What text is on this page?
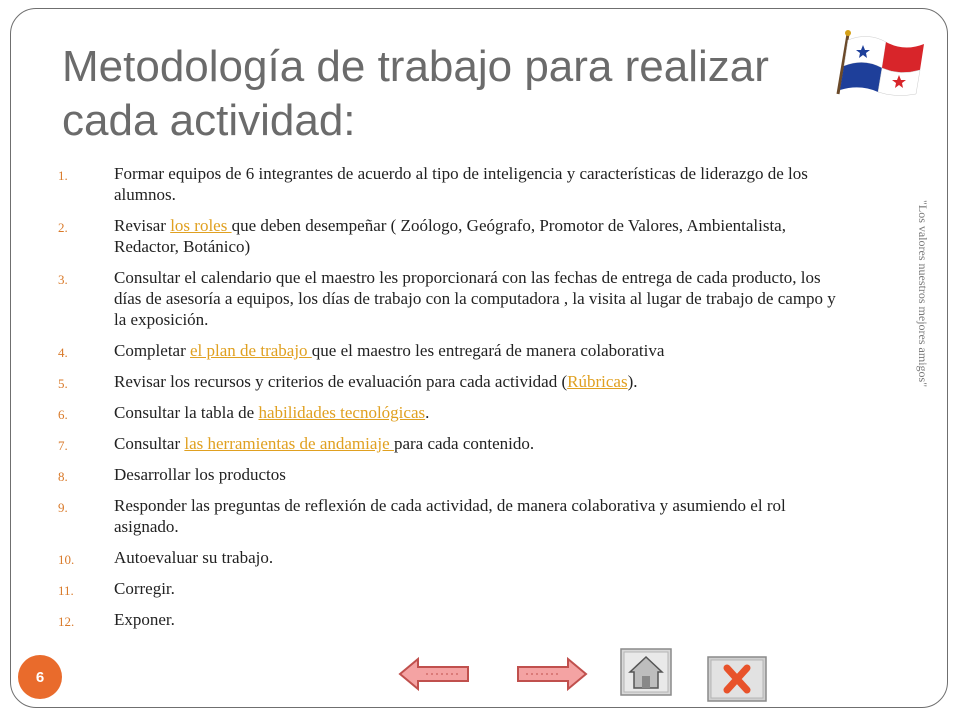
Metodología de trabajo para realizar cada actividad:
"Los valores nuestros mejores amigos"
1.	Formar equipos de 6 integrantes de acuerdo al tipo de inteligencia y características de liderazgo de los alumnos.
2.	Revisar los roles que deben desempeñar ( Zoólogo, Geógrafo, Promotor de Valores, Ambientalista, Redactor, Botánico)
3.	Consultar el calendario que el maestro les proporcionará con las fechas de entrega de cada producto, los días de asesoría a equipos, los días de trabajo con la computadora , la visita al lugar de trabajo de campo y la exposición.
4.	Completar el plan de trabajo que el maestro les entregará de manera colaborativa
5.	Revisar los recursos y criterios de evaluación para cada actividad (Rúbricas).
6.	Consultar la tabla de habilidades tecnológicas.
7.	Consultar las herramientas de andamiaje para cada contenido.
8.	Desarrollar los productos
9.	Responder las preguntas de reflexión de cada actividad, de manera colaborativa y asumiendo el rol asignado.
10. Autoevaluar su trabajo.
11. Corregir.
12. Exponer.
6
